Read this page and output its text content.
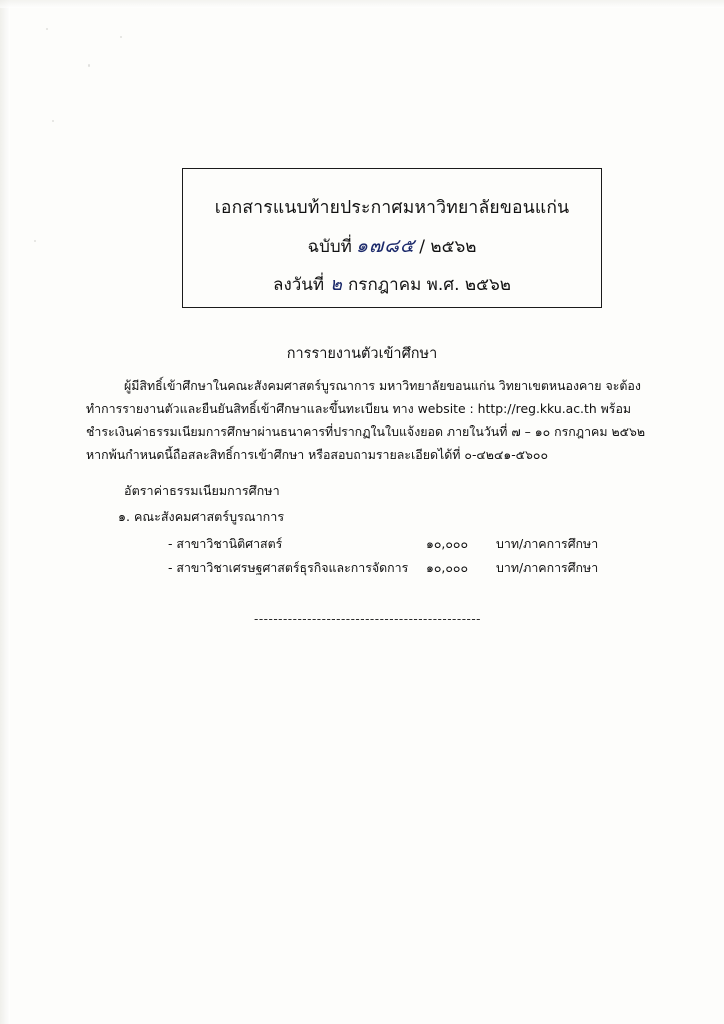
เอกสารแนบท้ายประกาศมหาวิทยาลัยขอนแก่น
ฉบับที่ ๑๗๘๕ / ๒๕๖๒
ลงวันที่ ๒ กรกฎาคม พ.ศ. ๒๕๖๒
การรายงานตัวเข้าศึกษา
ผู้มีสิทธิ์เข้าศึกษาในคณะสังคมศาสตร์บูรณาการ มหาวิทยาลัยขอนแก่น วิทยาเขตหนองคาย จะต้องทำการรายงานตัวและยืนยันสิทธิ์เข้าศึกษาและขึ้นทะเบียน ทาง website : http://reg.kku.ac.th พร้อมชำระเงินค่าธรรมเนียมการศึกษาผ่านธนาคารที่ปรากฏในใบแจ้งยอด ภายในวันที่ ๗ – ๑๐ กรกฎาคม ๒๕๖๒ หากพ้นกำหนดนี้ถือสละสิทธิ์การเข้าศึกษา หรือสอบถามรายละเอียดได้ที่ ๐-๔๒๔๑-๕๖๐๐
อัตราค่าธรรมเนียมการศึกษา
๑. คณะสังคมศาสตร์บูรณาการ
- สาขาวิชานิติศาสตร์	๑๐,๐๐๐ บาท/ภาคการศึกษา
- สาขาวิชาเศรษฐศาสตร์ธุรกิจและการจัดการ ๑๐,๐๐๐ บาท/ภาคการศึกษา
-----------------------------------------------
